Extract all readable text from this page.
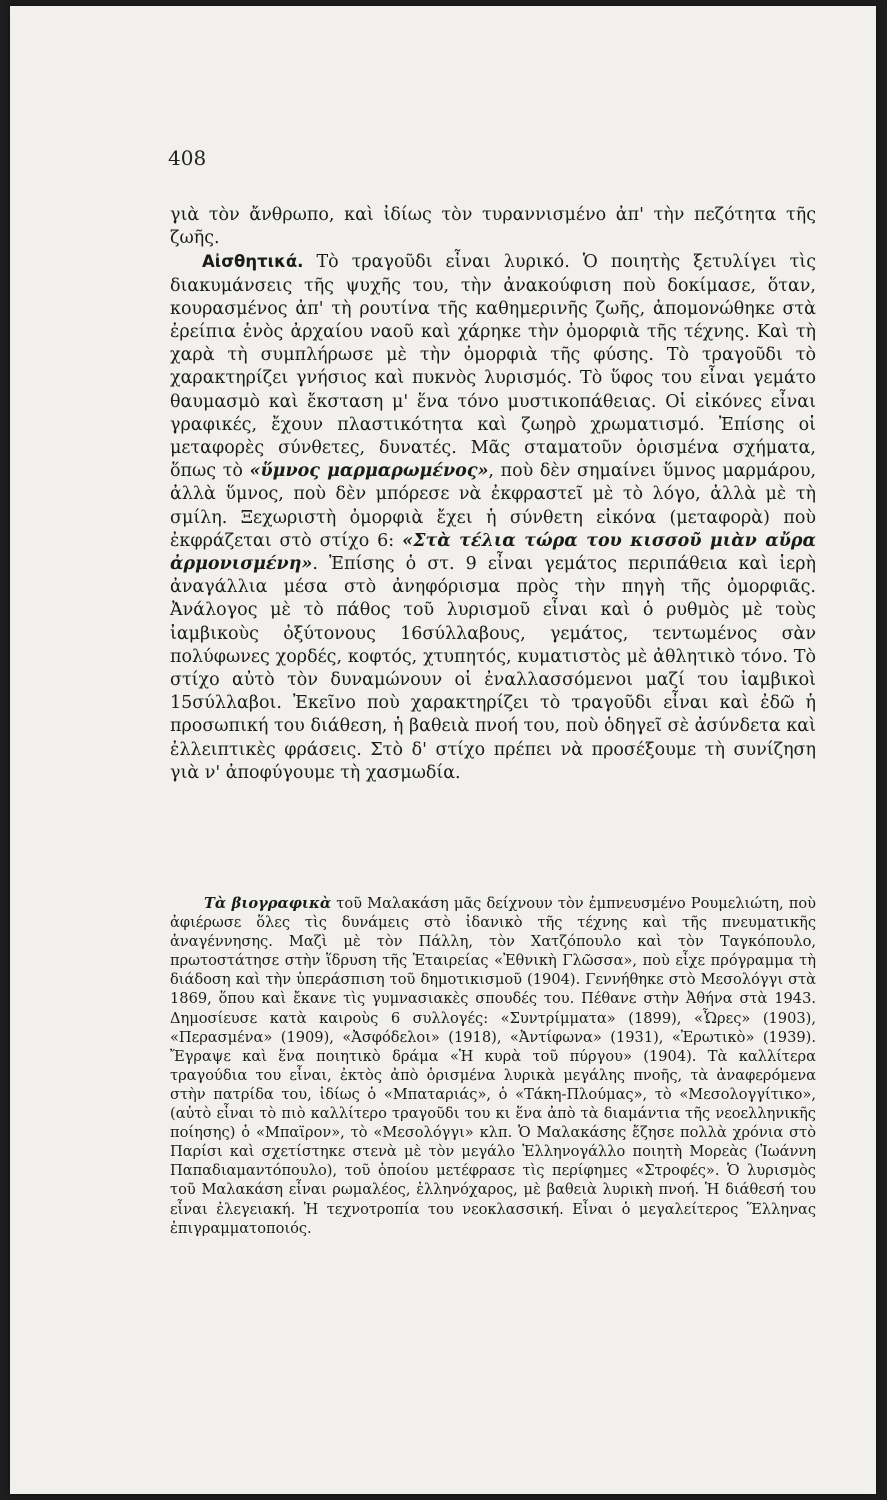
408

γιὰ τὸν ἄνθρωπο, καὶ ἰδίως τὸν τυραννισμένο ἀπ' τὴν πεζότητα τῆς ζωῆς.

Αἰσθητικά. Τὸ τραγοῦδι εἶναι λυρικό. Ὁ ποιητὴς ξετυλίγει τὶς διακυμάνσεις τῆς ψυχῆς του, τὴν ἀνακούφιση ποὺ δοκίμασε, ὅταν, κουρασμένος ἀπ' τὴ ρουτίνα τῆς καθημερινῆς ζωῆς, ἀπομονώθηκε στὰ ἐρείπια ἑνὸς ἀρχαίου ναοῦ καὶ χάρηκε τὴν ὀμορφιὰ τῆς τέχνης. Καὶ τὴ χαρὰ τὴ συμπλήρωσε μὲ τὴν ὀμορφιὰ τῆς φύσης. Τὸ τραγοῦδι τὸ χαρακτηρίζει γνήσιος καὶ πυκνὸς λυρισμός. Τὸ ὕφος του εἶναι γεμάτο θαυμασμὸ καὶ ἔκσταση μ' ἕνα τόνο μυστικοπάθειας. Οἱ εἰκόνες εἶναι γραφικές, ἔχουν πλαστικότητα καὶ ζωηρὸ χρωματισμό. Ἐπίσης οἱ μεταφορὲς σύνθετες, δυνατές. Μᾶς σταματοῦν ὁρισμένα σχήματα, ὅπως τὸ «ὕμνος μαρμαρωμένος», ποὺ δὲν σημαίνει ὕμνος μαρμάρου, ἀλλὰ ὕμνος, ποὺ δὲν μπόρεσε νὰ ἐκφραστεῖ μὲ τὸ λόγο, ἀλλὰ μὲ τὴ σμίλη. Ξεχωριστὴ ὀμορφιὰ ἔχει ἡ σύνθετη εἰκόνα (μεταφορὰ) ποὺ ἐκφράζεται στὸ στίχο 6: «Στὰ τέλια τώρα του κισσοῦ μιὰν αὔρα ἀρμονισμένη». Ἐπίσης ὁ στ. 9 εἶναι γεμάτος περιπάθεια καὶ ἱερὴ ἀναγάλλια μέσα στὸ ἀνηφόρισμα πρὸς τὴν πηγὴ τῆς ὀμορφιᾶς. Ἀνάλογος μὲ τὸ πάθος τοῦ λυρισμοῦ εἶναι καὶ ὁ ρυθμὸς μὲ τοὺς ἰαμβικοὺς ὀξύτονους 16σύλλαβους, γεμάτος, τεντωμένος σὰν πολύφωνες χορδές, κοφτός, χτυπητός, κυματιστὸς μὲ ἀθλητικὸ τόνο. Τὸ στίχο αὐτὸ τὸν δυναμώνουν οἱ ἐναλλασσόμενοι μαζί του ἰαμβικοὶ 15σύλλαβοι. Ἐκεῖνο ποὺ χαρακτηρίζει τὸ τραγοῦδι εἶναι καὶ ἐδῶ ἡ προσωπική του διάθεση, ἡ βαθειὰ πνοή του, ποὺ ὁδηγεῖ σὲ ἀσύνδετα καὶ ἐλλειπτικὲς φράσεις. Στὸ δ' στίχο πρέπει νὰ προσέξουμε τὴ συνίζηση γιὰ ν' ἀποφύγουμε τὴ χασμωδία.

Τὰ βιογραφικὰ τοῦ Μαλακάση μᾶς δείχνουν τὸν ἐμπνευσμένο Ρουμελιώτη, ποὺ ἀφιέρωσε ὅλες τὶς δυνάμεις στὸ ἰδανικὸ τῆς τέχνης καὶ τῆς πνευματικῆς ἀναγέννησης. Μαζὶ μὲ τὸν Πάλλη, τὸν Χατζόπουλο καὶ τὸν Ταγκόπουλο, πρωτοστάτησε στὴν ἵδρυση τῆς Ἑταιρείας «Ἐθνικὴ Γλῶσσα», ποὺ εἶχε πρόγραμμα τὴ διάδοση καὶ τὴν ὑπεράσπιση τοῦ δημοτικισμοῦ (1904). Γεννήθηκε στὸ Μεσολόγγι στὰ 1869, ὅπου καὶ ἔκανε τὶς γυμνασιακὲς σπουδές του. Πέθανε στὴν Ἀθήνα στὰ 1943. Δημοσίευσε κατὰ καιροὺς 6 συλλογές: «Συντρίμματα» (1899), «Ὧρες» (1903), «Περασμένα» (1909), «Ἀσφόδελοι» (1918), «Ἀντίφωνα» (1931), «Ἐρωτικὸ» (1939). Ἔγραψε καὶ ἕνα ποιητικὸ δράμα «Ἡ κυρὰ τοῦ πύργου» (1904). Τὰ καλλίτερα τραγούδια του εἶναι, ἐκτὸς ἀπὸ ὁρισμένα λυρικὰ μεγάλης πνοῆς, τὰ ἀναφερόμενα στὴν πατρίδα του, ἰδίως ὁ «Μπαταριάς», ὁ «Τάκη-Πλούμας», τὸ «Μεσολογγίτικο», (αὐτὸ εἶναι τὸ πιὸ καλλίτερο τραγοῦδι του κι ἕνα ἀπὸ τὰ διαμάντια τῆς νεοελληνικῆς ποίησης) ὁ «Μπαϊρον», τὸ «Μεσολόγγι» κλπ. Ὁ Μαλακάσης ἔζησε πολλὰ χρόνια στὸ Παρίσι καὶ σχετίστηκε στενὰ μὲ τὸν μεγάλο Ἑλληνογάλλο ποιητὴ Μορεὰς (Ἰωάννη Παπαδιαμαντόπουλο), τοῦ ὁποίου μετέφρασε τὶς περίφημες «Στροφές». Ὁ λυρισμὸς τοῦ Μαλακάση εἶναι ρωμαλέος, ἑλληνόχαρος, μὲ βαθειὰ λυρικὴ πνοή. Ἡ διάθεσή του εἶναι ἐλεγειακή. Ἡ τεχνοτροπία του νεοκλασσική. Εἶναι ὁ μεγαλείτερος Ἕλληνας ἐπιγραμματοποιός.
